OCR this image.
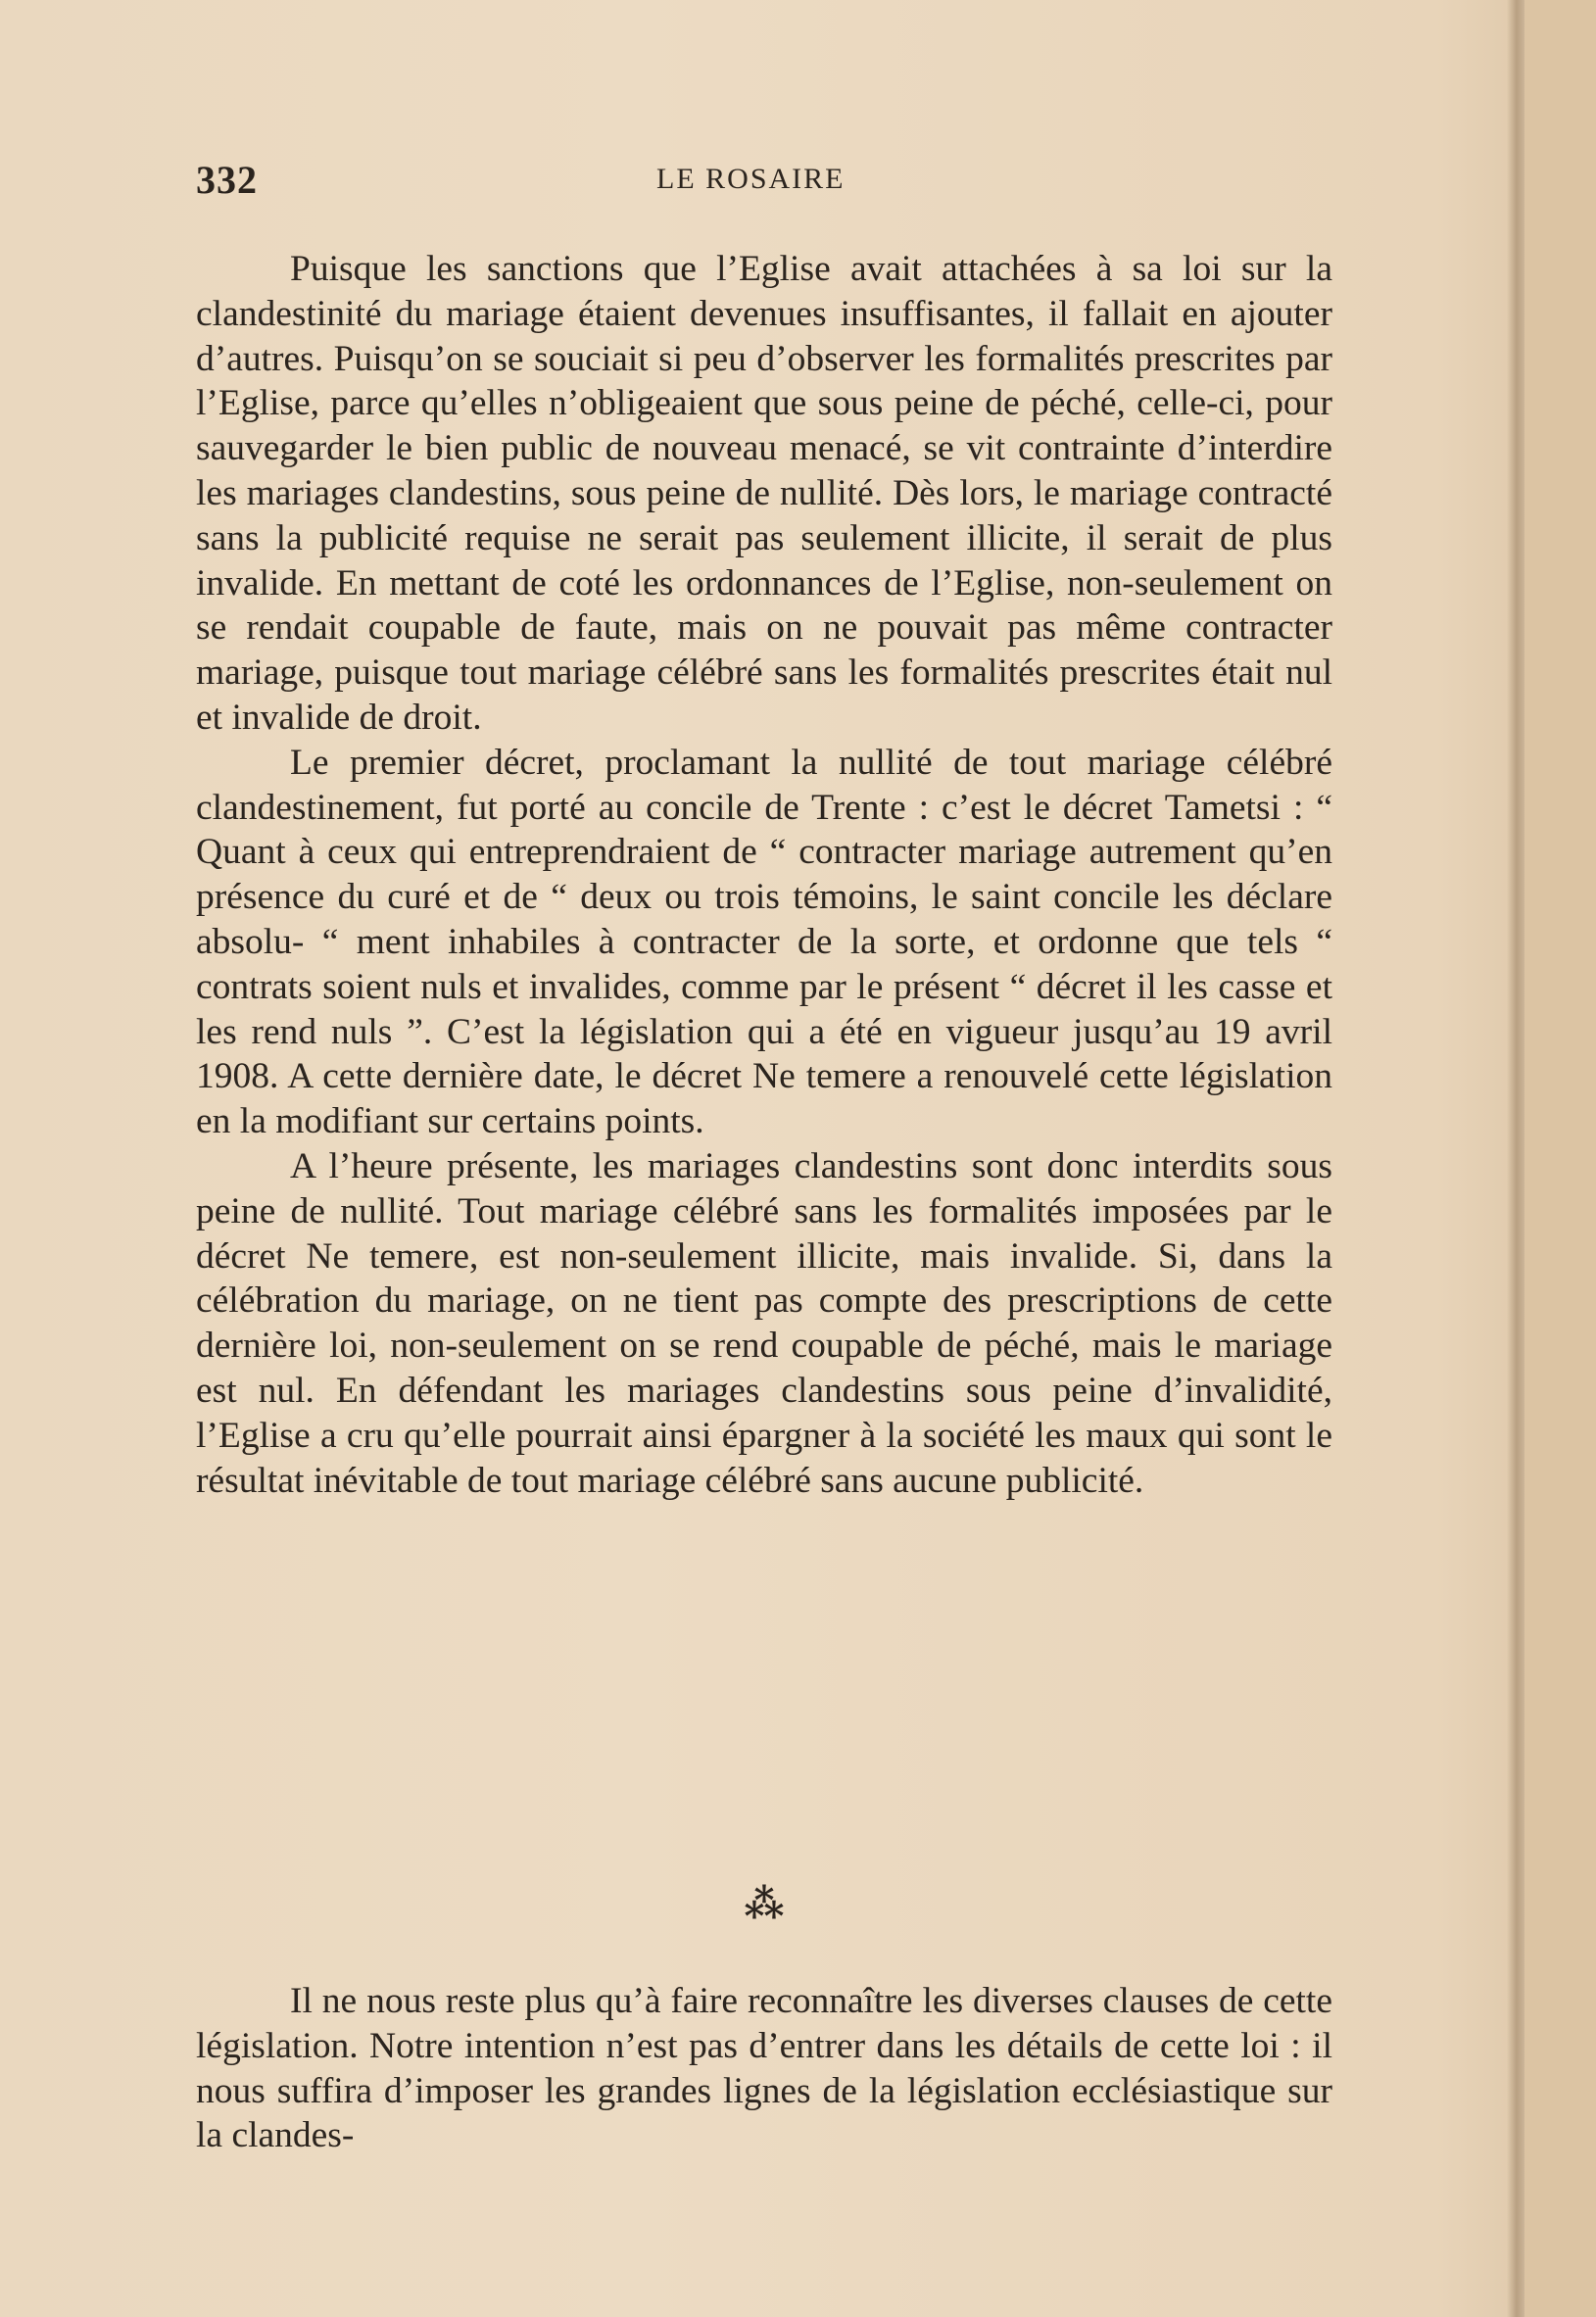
332	LE ROSAIRE

Puisque les sanctions que l’Eglise avait attachées à sa loi sur la clandestinité du mariage étaient devenues insuffisantes, il fallait en ajouter d’autres. Puisqu’on se souciait si peu d’observer les formalités prescrites par l’Eglise, parce qu’elles n’obligeaient que sous peine de péché, celle-ci, pour sauvegarder le bien public de nouveau menacé, se vit contrainte d’interdire les mariages clandestins, sous peine de nullité. Dès lors, le mariage contracté sans la publicité requise ne serait pas seulement illicite, il serait de plus invalide. En mettant de coté les ordonnances de l’Eglise, non-seulement on se rendait coupable de faute, mais on ne pouvait pas même contracter mariage, puisque tout mariage célébré sans les formalités prescrites était nul et invalide de droit.

Le premier décret, proclamant la nullité de tout mariage célébré clandestinement, fut porté au concile de Trente : c’est le décret Tametsi : “ Quant à ceux qui entreprendraient de “ contracter mariage autrement qu’en présence du curé et de “ deux ou trois témoins, le saint concile les déclare absolu- “ ment inhabiles à contracter de la sorte, et ordonne que tels “ contrats soient nuls et invalides, comme par le présent “ décret il les casse et les rend nuls ”. C’est la législation qui a été en vigueur jusqu’au 19 avril 1908. A cette dernière date, le décret Ne temere a renouvelé cette législation en la modifiant sur certains points.

A l’heure présente, les mariages clandestins sont donc interdits sous peine de nullité. Tout mariage célébré sans les formalités imposées par le décret Ne temere, est non-seulement illicite, mais invalide. Si, dans la célébration du mariage, on ne tient pas compte des prescriptions de cette dernière loi, non-seulement on se rend coupable de péché, mais le mariage est nul. En défendant les mariages clandestins sous peine d’invalidité, l’Eglise a cru qu’elle pourrait ainsi épargner à la société les maux qui sont le résultat inévitable de tout mariage célébré sans aucune publicité.

⁂

Il ne nous reste plus qu’à faire reconnaître les diverses clauses de cette législation. Notre intention n’est pas d’entrer dans les détails de cette loi : il nous suffira d’imposer les grandes lignes de la législation ecclésiastique sur la clandes-
